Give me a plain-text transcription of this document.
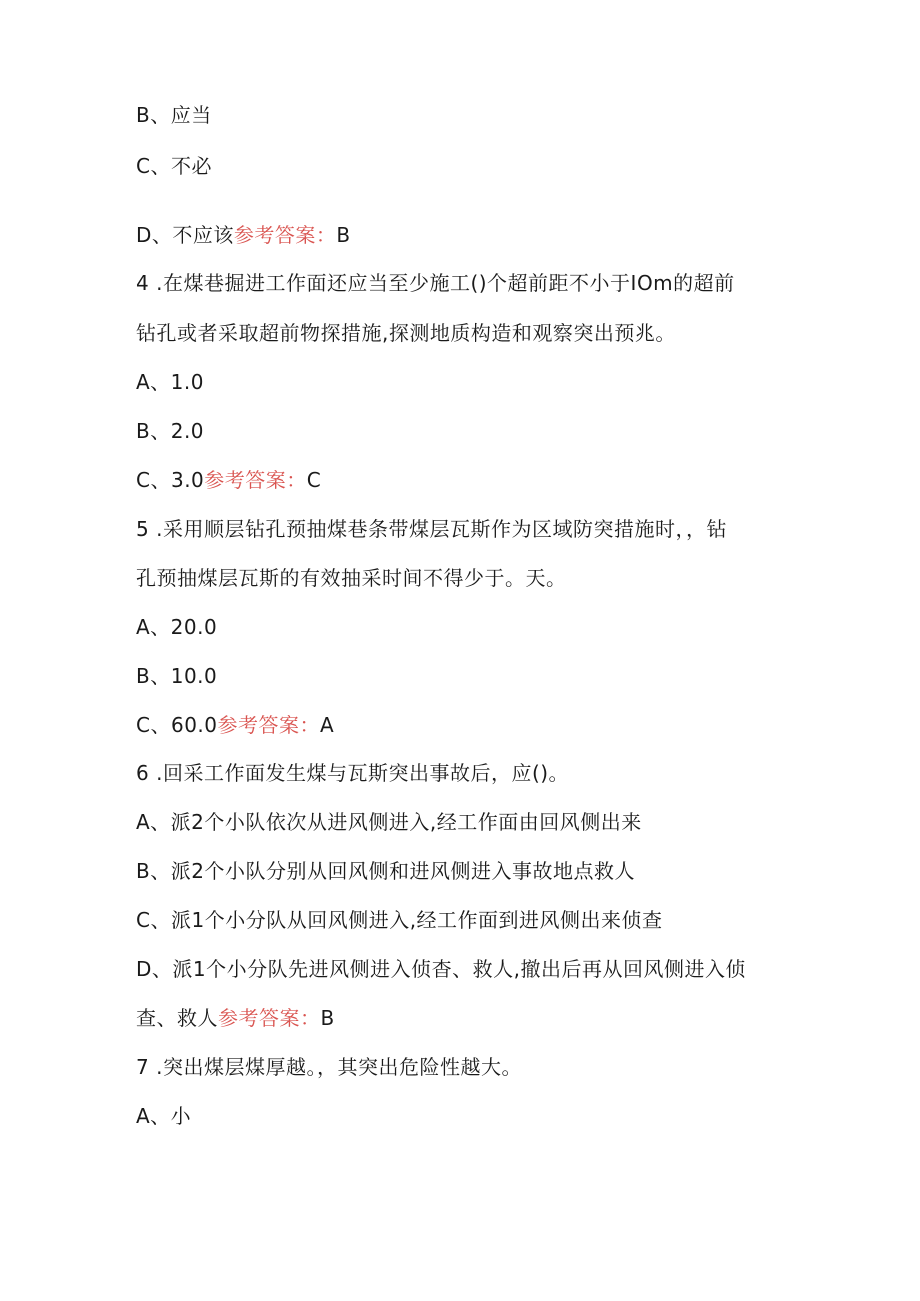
B、应当
C、不必
D、不应该参考答案：B
4 .在煤巷掘进工作面还应当至少施工()个超前距不小于IOm的超前
钻孔或者采取超前物探措施,探测地质构造和观察突出预兆。
A、1.0
B、2.0
C、3.0参考答案：C
5 .采用顺层钻孔预抽煤巷条带煤层瓦斯作为区域防突措施时，，钻
孔预抽煤层瓦斯的有效抽采时间不得少于。天。
A、20.0
B、10.0
C、60.0参考答案：A
6 .回采工作面发生煤与瓦斯突出事故后，应()。
A、派2个小队依次从进风侧进入,经工作面由回风侧出来
B、派2个小队分别从回风侧和进风侧进入事故地点救人
C、派1个小分队从回风侧进入,经工作面到进风侧出来侦查
D、派1个小分队先进风侧进入侦杳、救人,撤出后再从回风侧进入侦
查、救人参考答案：B
7 .突出煤层煤厚越。，其突出危险性越大。
A、小
